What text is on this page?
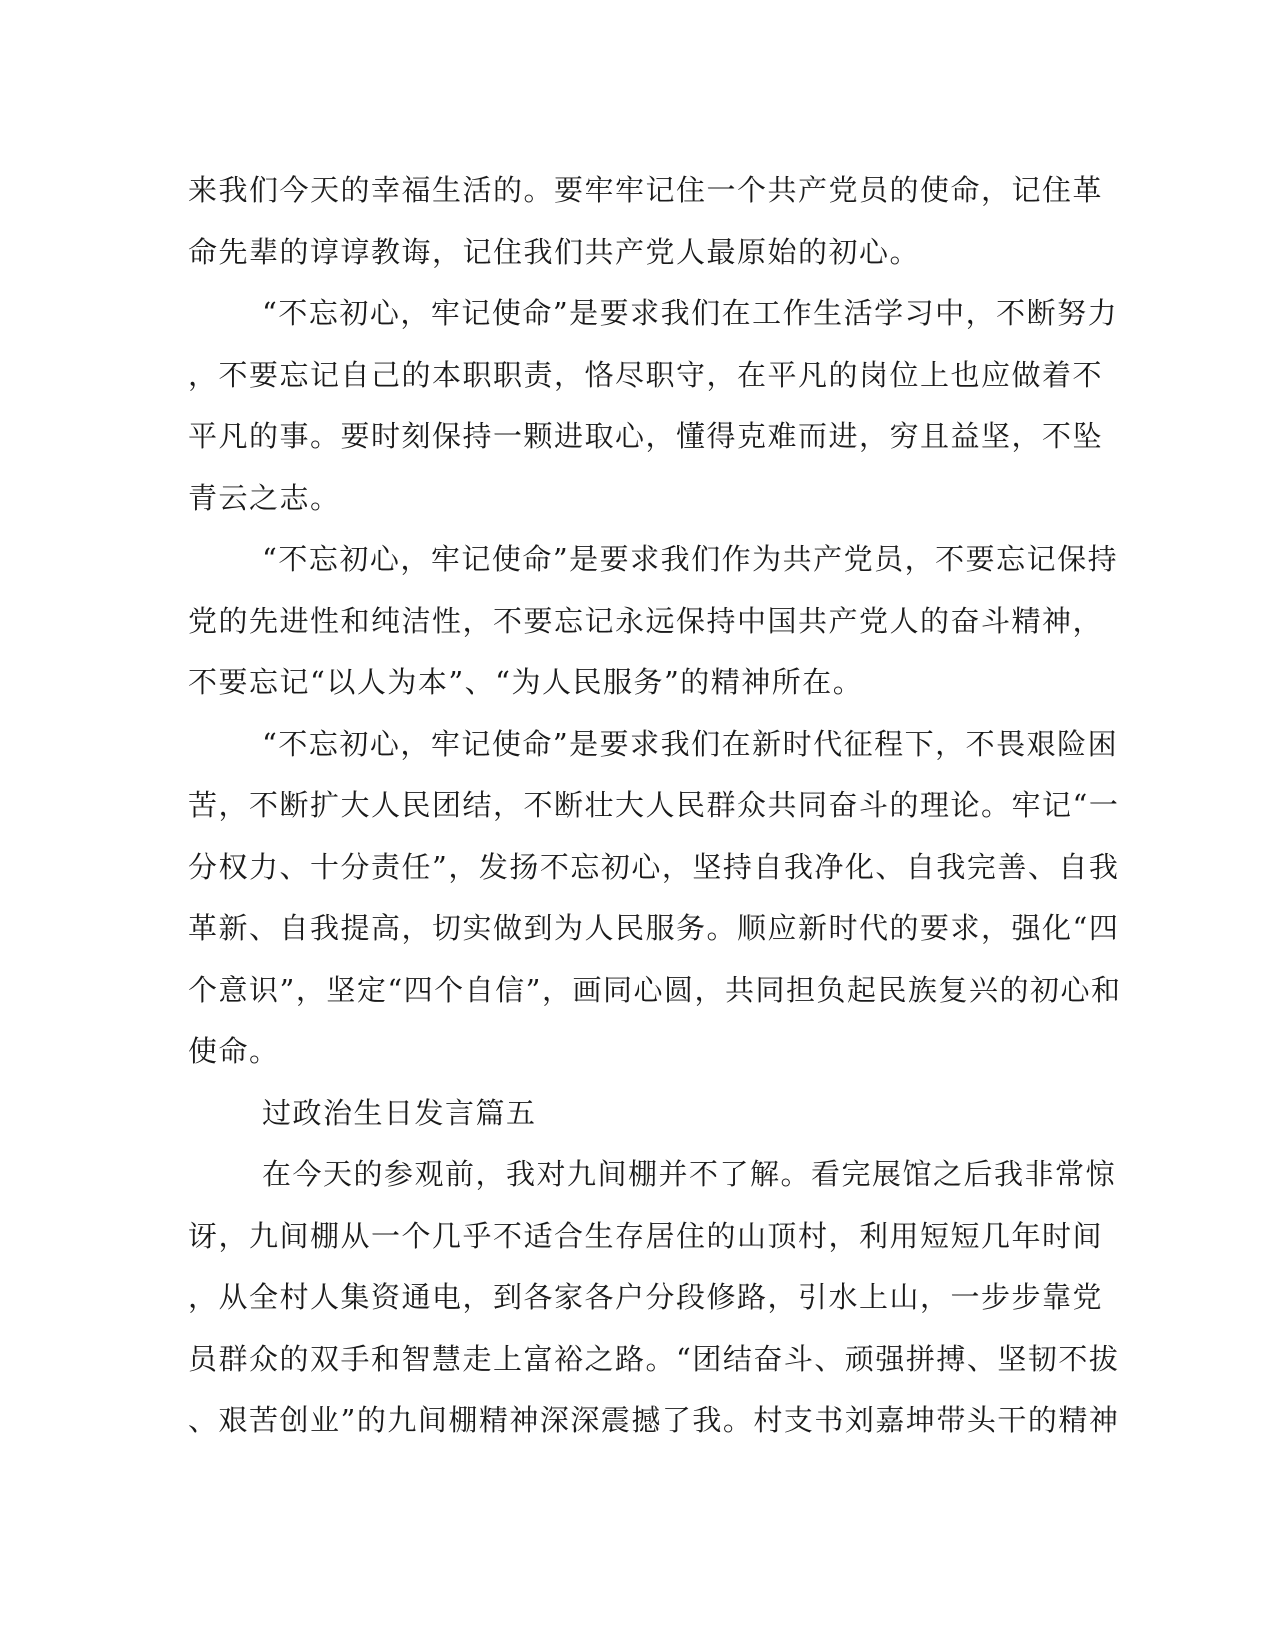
来我们今天的幸福生活的。要牢牢记住一个共产党员的使命，记住革
命先辈的谆谆教诲，记住我们共产党人最原始的初心。
“不忘初心，牢记使命”是要求我们在工作生活学习中，不断努力
，不要忘记自己的本职职责，恪尽职守，在平凡的岗位上也应做着不
平凡的事。要时刻保持一颗进取心，懂得克难而进，穷且益坚，不坠
青云之志。
“不忘初心，牢记使命”是要求我们作为共产党员，不要忘记保持
党的先进性和纯洁性，不要忘记永远保持中国共产党人的奋斗精神，
不要忘记“以人为本”、“为人民服务”的精神所在。
“不忘初心，牢记使命”是要求我们在新时代征程下，不畏艰险困
苦，不断扩大人民团结，不断壮大人民群众共同奋斗的理论。牢记“一
分权力、十分责任”，发扬不忘初心，坚持自我净化、自我完善、自我
革新、自我提高，切实做到为人民服务。顺应新时代的要求，强化“四
个意识”，坚定“四个自信”，画同心圆，共同担负起民族复兴的初心和
使命。
过政治生日发言篇五
在今天的参观前，我对九间棚并不了解。看完展馆之后我非常惊
讶，九间棚从一个几乎不适合生存居住的山顶村，利用短短几年时间
，从全村人集资通电，到各家各户分段修路，引水上山，一步步靠党
员群众的双手和智慧走上富裕之路。“团结奋斗、顽强拼搏、坚韧不拔
、艰苦创业”的九间棚精神深深震撼了我。村支书刘嘉坤带头干的精神
